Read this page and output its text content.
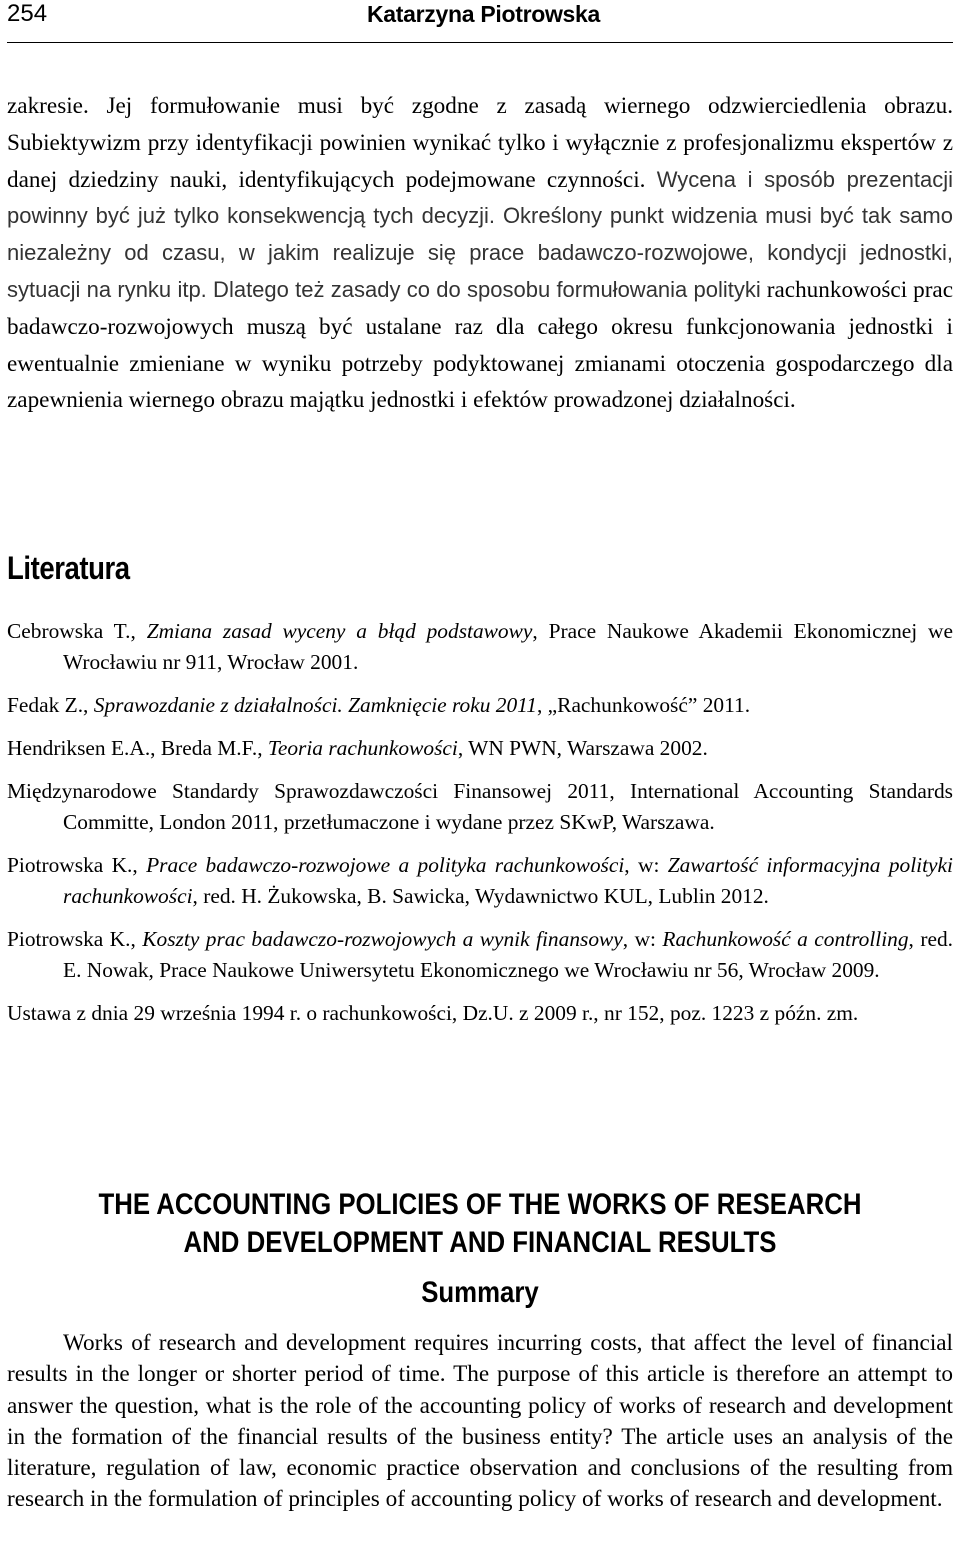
254	Katarzyna Piotrowska

zakresie. Jej formułowanie musi być zgodne z zasadą wiernego odzwierciedlenia obrazu. Subiektywizm przy identyfikacji powinien wynikać tylko i wyłącznie z profesjonalizmu ekspertów z danej dziedziny nauki, identyfikujących podejmowane czynności. Wycena i sposób prezentacji powinny być już tylko konsekwencją tych decyzji. Określony punkt widzenia musi być tak samo niezależny od czasu, w jakim realizuje się prace badawczo-rozwojowe, kondycji jednostki, sytuacji na rynku itp. Dlatego też zasady co do sposobu formułowania polityki rachunkowości prac badawczo-rozwojowych muszą być ustalane raz dla całego okresu funkcjonowania jednostki i ewentualnie zmieniane w wyniku potrzeby podyktowanej zmianami otoczenia gospodarczego dla zapewnienia wiernego obrazu majątku jednostki i efektów prowadzonej działalności.

Literatura

Cebrowska T., Zmiana zasad wyceny a błąd podstawowy, Prace Naukowe Akademii Ekonomicznej we Wrocławiu nr 911, Wrocław 2001.

Fedak Z., Sprawozdanie z działalności. Zamknięcie roku 2011, „Rachunkowość” 2011.

Hendriksen E.A., Breda M.F., Teoria rachunkowości, WN PWN, Warszawa 2002.

Międzynarodowe Standardy Sprawozdawczości Finansowej 2011, International Accounting Standards Committe, London 2011, przetłumaczone i wydane przez SKwP, Warszawa.

Piotrowska K., Prace badawczo-rozwojowe a polityka rachunkowości, w: Zawartość informacyjna polityki rachunkowości, red. H. Żukowska, B. Sawicka, Wydawnictwo KUL, Lublin 2012.

Piotrowska K., Koszty prac badawczo-rozwojowych a wynik finansowy, w: Rachunkowość a controlling, red. E. Nowak, Prace Naukowe Uniwersytetu Ekonomicznego we Wrocławiu nr 56, Wrocław 2009.

Ustawa z dnia 29 września 1994 r. o rachunkowości, Dz.U. z 2009 r., nr 152, poz. 1223 z późn. zm.

THE ACCOUNTING POLICIES OF THE WORKS OF RESEARCH
AND DEVELOPMENT AND FINANCIAL RESULTS
Summary

Works of research and development requires incurring costs, that affect the level of financial results in the longer or shorter period of time. The purpose of this article is therefore an attempt to answer the question, what is the role of the accounting policy of works of research and development in the formation of the financial results of the business entity? The article uses an analysis of the literature, regulation of law, economic practice observation and conclusions of the resulting from research in the formulation of principles of accounting policy of works of research and development.
